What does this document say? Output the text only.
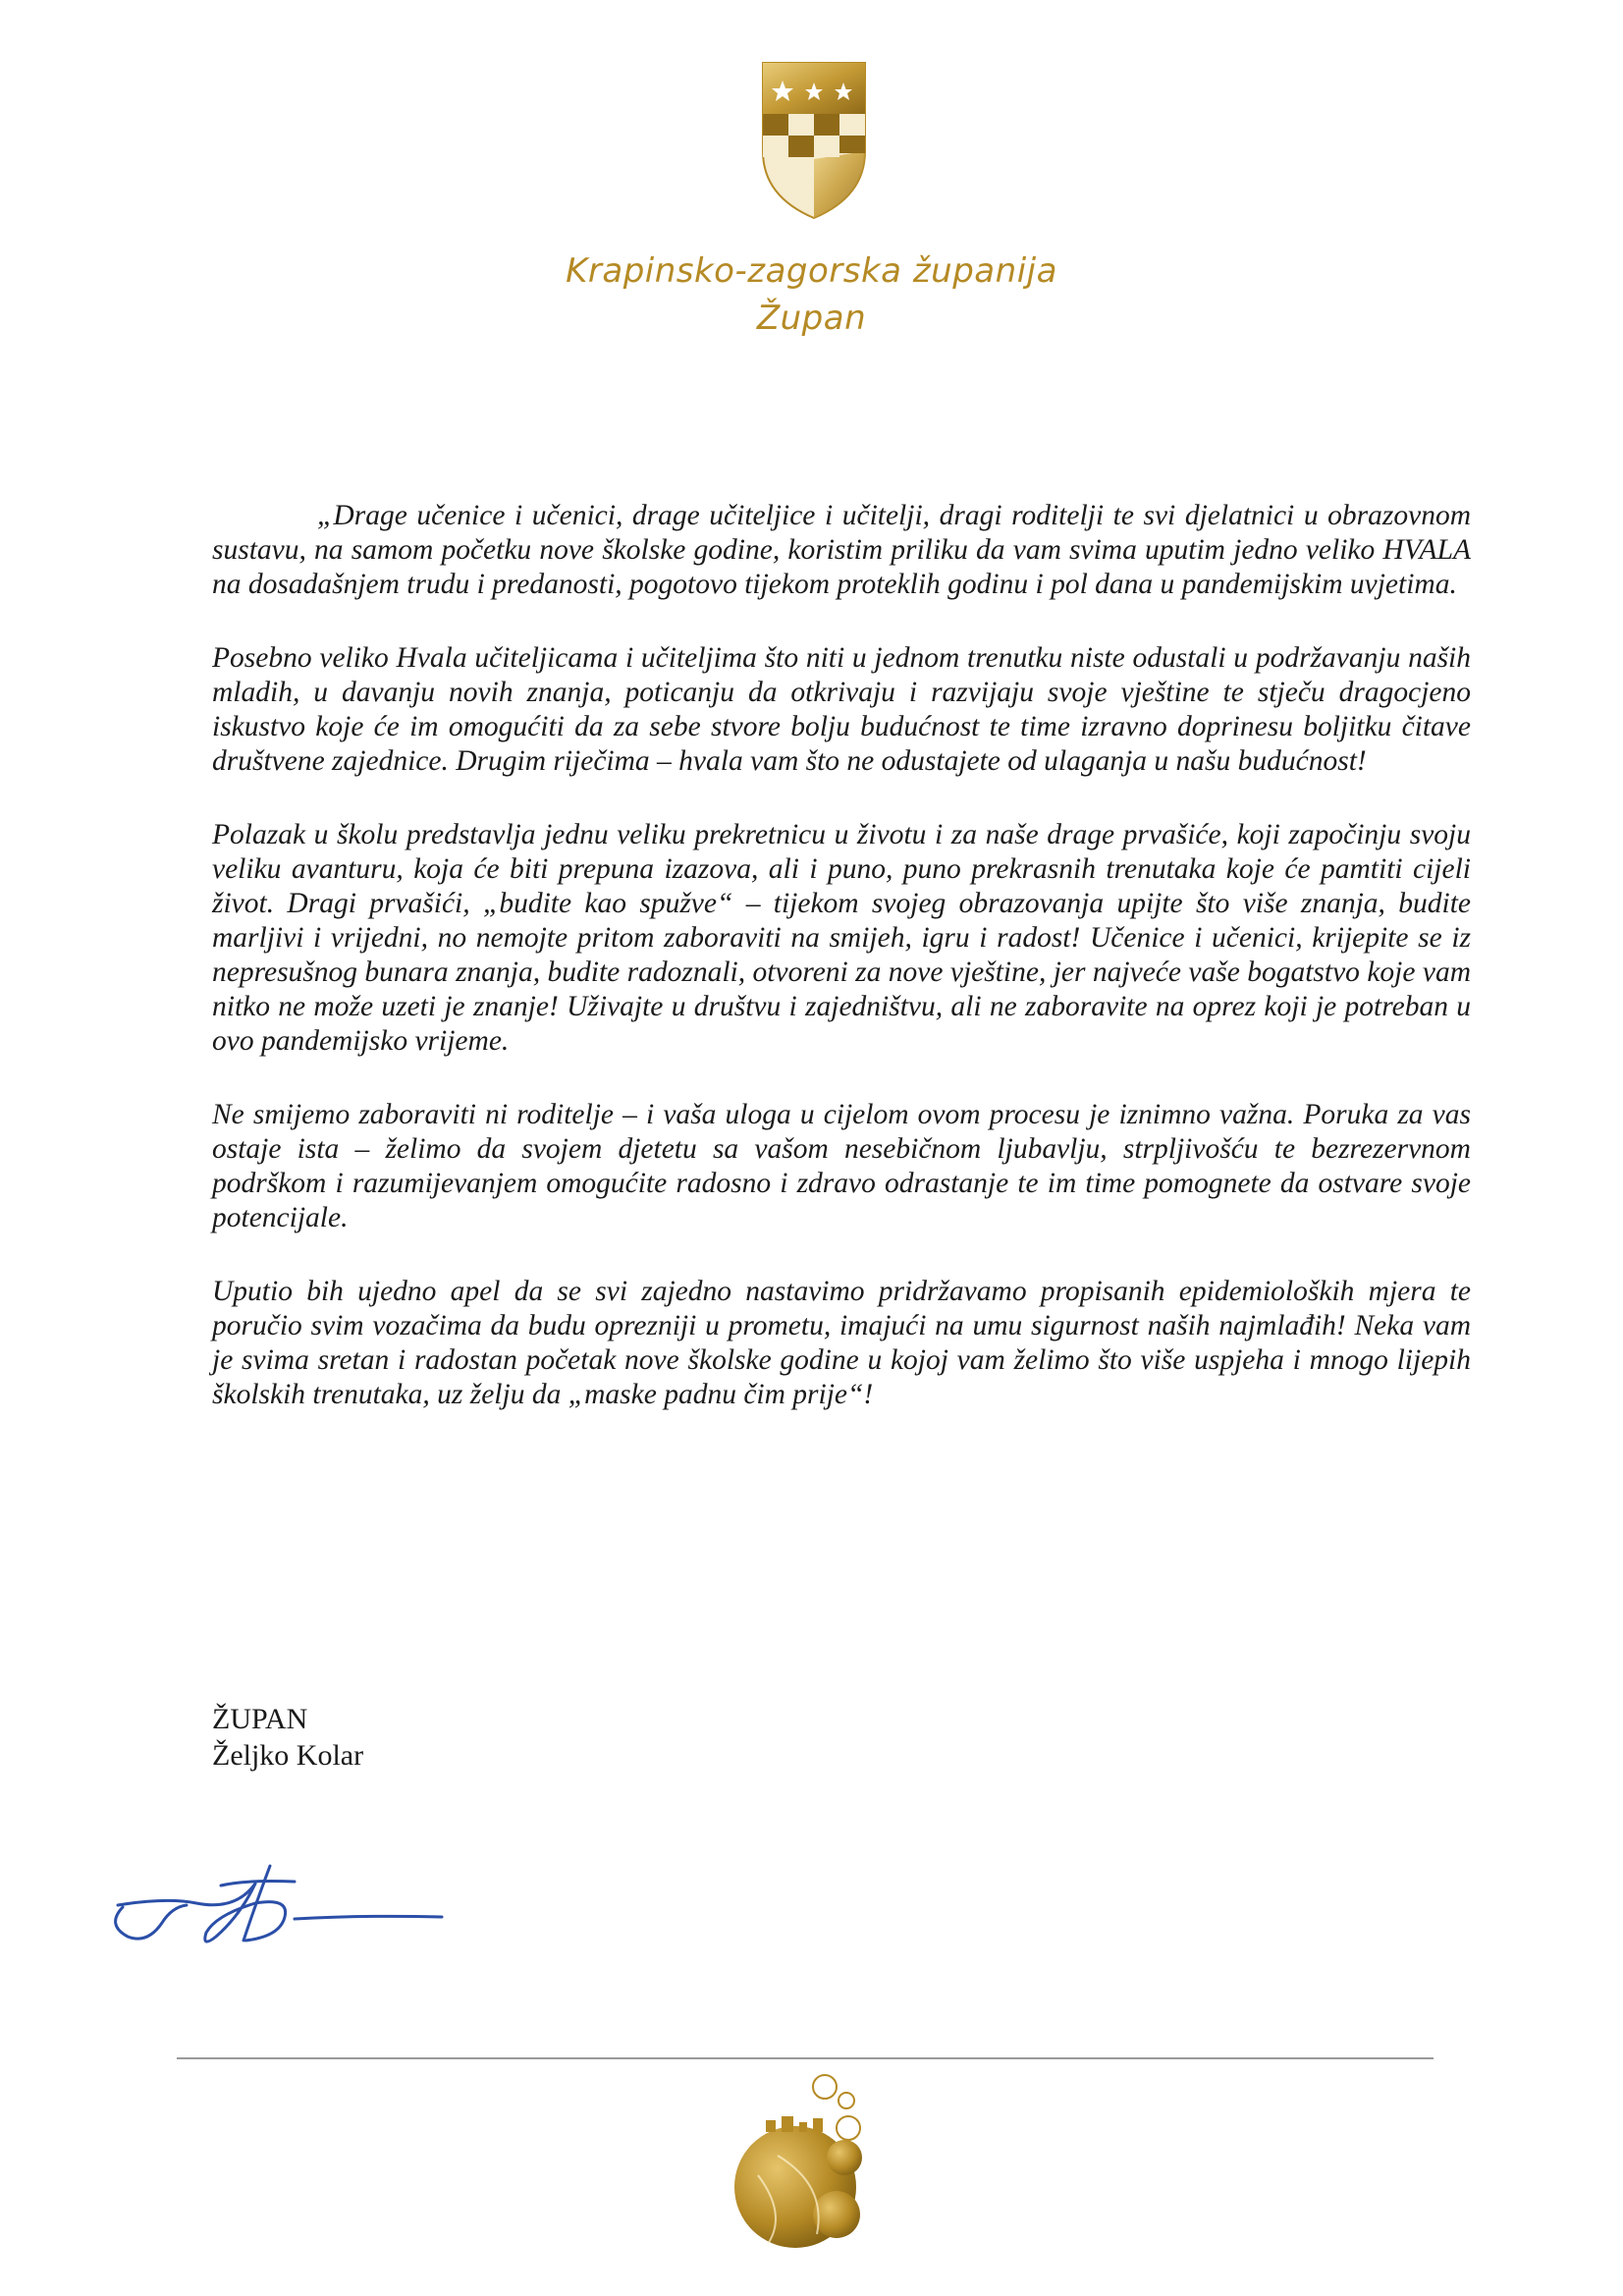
Krapinsko-zagorska županija
Župan

„Drage učenice i učenici, drage učiteljice i učitelji, dragi roditelji te svi djelatnici u obrazovnom sustavu, na samom početku nove školske godine, koristim priliku da vam svima uputim jedno veliko HVALA na dosadašnjem trudu i predanosti, pogotovo tijekom proteklih godinu i pol dana u pandemijskim uvjetima.

Posebno veliko Hvala učiteljicama i učiteljima što niti u jednom trenutku niste odustali u podržavanju naših mladih, u davanju novih znanja, poticanju da otkrivaju i razvijaju svoje vještine te stječu dragocjeno iskustvo koje će im omogućiti da za sebe stvore bolju budućnost te time izravno doprinesu boljitku čitave društvene zajednice. Drugim riječima – hvala vam što ne odustajete od ulaganja u našu budućnost!

Polazak u školu predstavlja jednu veliku prekretnicu u životu i za naše drage prvašiće, koji započinju svoju veliku avanturu, koja će biti prepuna izazova, ali i puno, puno prekrasnih trenutaka koje će pamtiti cijeli život. Dragi prvašići, „budite kao spužve“ – tijekom svojeg obrazovanja upijte što više znanja, budite marljivi i vrijedni, no nemojte pritom zaboraviti na smijeh, igru i radost! Učenice i učenici, krijepite se iz nepresušnog bunara znanja, budite radoznali, otvoreni za nove vještine, jer najveće vaše bogatstvo koje vam nitko ne može uzeti je znanje! Uživajte u društvu i zajedništvu, ali ne zaboravite na oprez koji je potreban u ovo pandemijsko vrijeme.

Ne smijemo zaboraviti ni roditelje – i vaša uloga u cijelom ovom procesu je iznimno važna. Poruka za vas ostaje ista – želimo da svojem djetetu sa vašom nesebičnom ljubavlju, strpljivošću te bezrezervnom podrškom i razumijevanjem omogućite radosno i zdravo odrastanje te im time pomognete da ostvare svoje potencijale.

Uputio bih ujedno apel da se svi zajedno nastavimo pridržavamo propisanih epidemioloških mjera te poručio svim vozačima da budu oprezniji u prometu, imajući na umu sigurnost naših najmlađih! Neka vam je svima sretan i radostan početak nove školske godine u kojoj vam želimo što više uspjeha i mnogo lijepih školskih trenutaka, uz želju da „maske padnu čim prije“!

ŽUPAN
Željko Kolar
